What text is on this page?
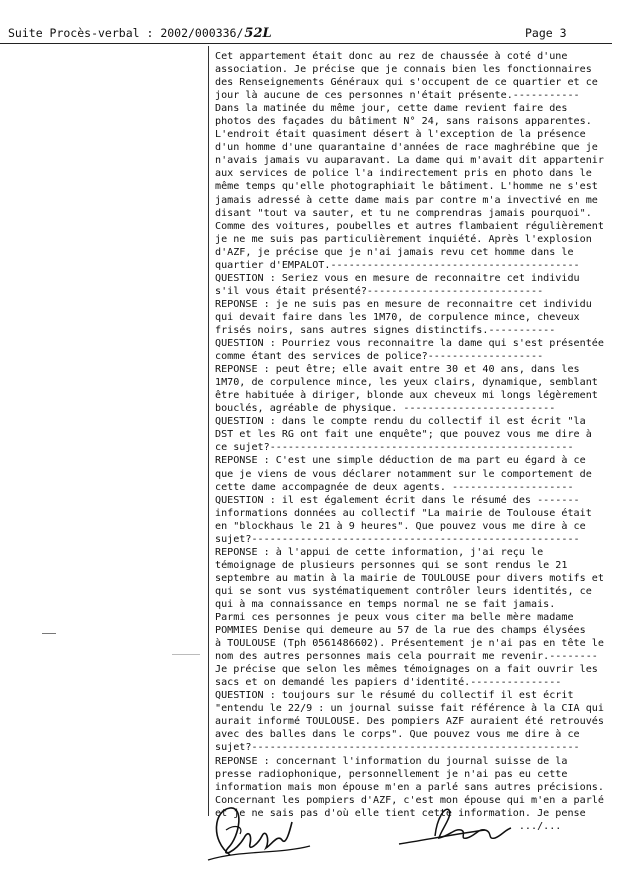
Suite Procès-verbal : 2002/000336/52L	Page 3
Cet appartement était donc au rez de chaussée à coté d'une
association. Je précise que je connais bien les fonctionnaires
des Renseignements Généraux qui s'occupent de ce quartier et ce
jour là aucune de ces personnes n'était présente.-----------
Dans la matinée du même jour, cette dame revient faire des
photos des façades du bâtiment N° 24, sans raisons apparentes.
L'endroit était quasiment désert à l'exception de la présence
d'un homme d'une quarantaine d'années de race maghrébine que je
n'avais jamais vu auparavant. La dame qui m'avait dit appartenir
aux services de police l'a indirectement pris en photo dans le
même temps qu'elle photographiait le bâtiment. L'homme ne s'est
jamais adressé à cette dame mais par contre m'a invectivé en me
disant "tout va sauter, et tu ne comprendras jamais pourquoi".
Comme des voitures, poubelles et autres flambaient régulièrement
je ne me suis pas particulièrement inquiété. Après l'explosion
d'AZF, je précise que je n'ai jamais revu cet homme dans le
quartier d'EMPALOT.-----------------------------------------
QUESTION : Seriez vous en mesure de reconnaitre cet individu
s'il vous était présenté?-----------------------------
REPONSE : je ne suis pas en mesure de reconnaitre cet individu
qui devait faire dans les 1M70, de corpulence mince, cheveux
frisés noirs, sans autres signes distinctifs.-----------
QUESTION : Pourriez vous reconnaitre la dame qui s'est présentée
comme étant des services de police?-------------------
REPONSE : peut être; elle avait entre 30 et 40 ans, dans les
1M70, de corpulence mince, les yeux clairs, dynamique, semblant
être habituée à diriger, blonde aux cheveux mi longs légèrement
bouclés, agréable de physique. -------------------------
QUESTION : dans le compte rendu du collectif il est écrit "la
DST et les RG ont fait une enquête"; que pouvez vous me dire à
ce sujet?--------------------------------------------------
REPONSE : C'est une simple déduction de ma part eu égard à ce
que je viens de vous déclarer notamment sur le comportement de
cette dame accompagnée de deux agents. --------------------
QUESTION : il est également écrit dans le résumé des -------
informations données au collectif "La mairie de Toulouse était
en "blockhaus le 21 à 9 heures". Que pouvez vous me dire à ce
sujet?------------------------------------------------------
REPONSE : à l'appui de cette information, j'ai reçu le
témoignage de plusieurs personnes qui se sont rendus le 21
septembre au matin à la mairie de TOULOUSE pour divers motifs et
qui se sont vus systématiquement contrôler leurs identités, ce
qui à ma connaissance en temps normal ne se fait jamais.
Parmi ces personnes je peux vous citer ma belle mère madame
POMMIES Denise qui demeure au 57 de la rue des champs élysées
à TOULOUSE (Tph 0561486602). Présentement je n'ai pas en tête le
nom des autres personnes mais cela pourrait me revenir.--------
Je précise que selon les mêmes témoignages on a fait ouvrir les
sacs et on demandé les papiers d'identité.---------------
QUESTION : toujours sur le résumé du collectif il est écrit
"entendu le 22/9 : un journal suisse fait référence à la CIA qui
aurait informé TOULOUSE. Des pompiers AZF auraient été retrouvés
avec des balles dans le corps". Que pouvez vous me dire à ce
sujet?------------------------------------------------------
REPONSE : concernant l'information du journal suisse de la
presse radiophonique, personnellement je n'ai pas eu cette
information mais mon épouse m'en a parlé sans autres précisions.
Concernant les pompiers d'AZF, c'est mon épouse qui m'en a parlé
et je ne sais pas d'où elle tient cette information. Je pense
.../...
